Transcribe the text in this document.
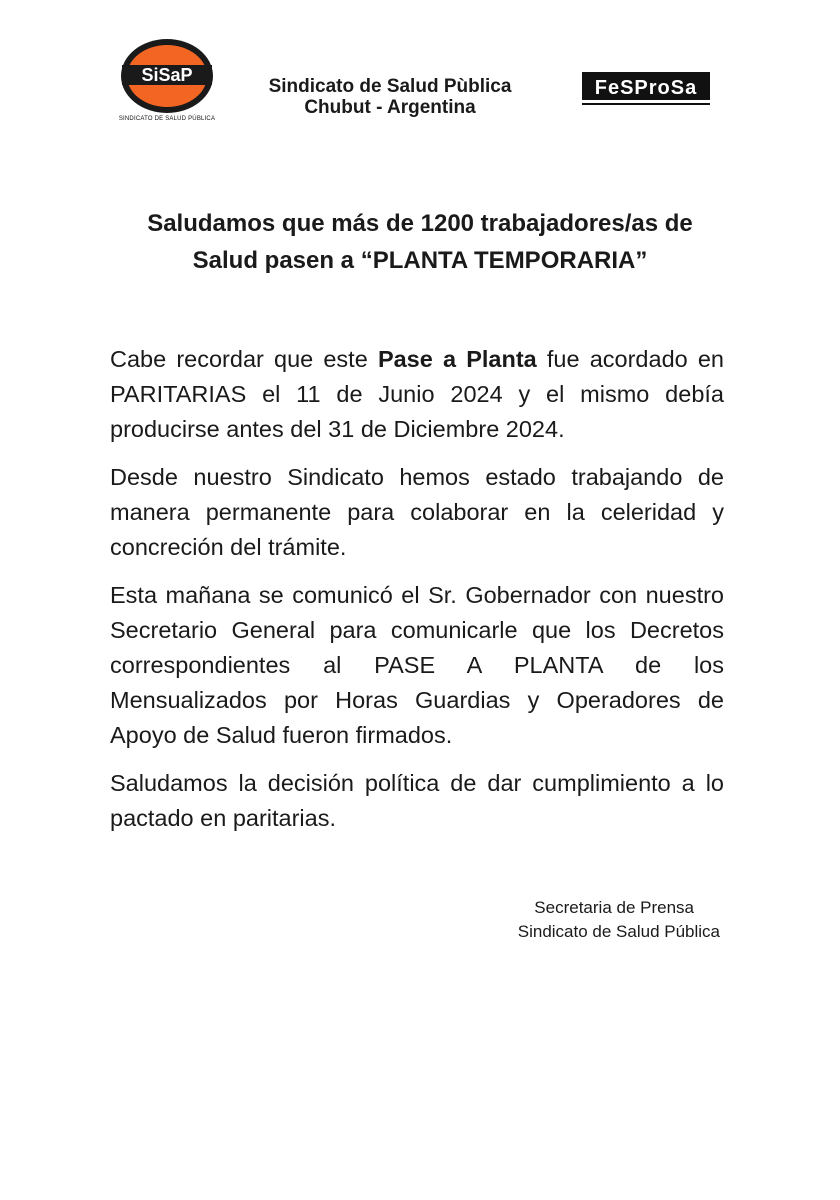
SiSaP
SINDICATO DE SALUD PÚBLICA
Sindicato de Salud Pùblica
Chubut - Argentina
FeSProSa
Saludamos que más de 1200 trabajadores/as de
Salud pasen a “PLANTA TEMPORARIA”

Cabe recordar que este Pase a Planta fue acordado en PARITARIAS el 11 de Junio 2024 y el mismo debía producirse antes del 31 de Diciembre 2024.

Desde nuestro Sindicato hemos estado trabajando de manera permanente para colaborar en la celeridad y concreción del trámite.

Esta mañana se comunicó el Sr. Gobernador con nuestro Secretario General para comunicarle que los Decretos correspondientes al PASE A PLANTA de los Mensualizados por Horas Guardias y Operadores de Apoyo de Salud fueron firmados.

Saludamos la decisión política de dar cumplimiento a lo pactado en paritarias.

Secretaria de Prensa
Sindicato de Salud Pública
